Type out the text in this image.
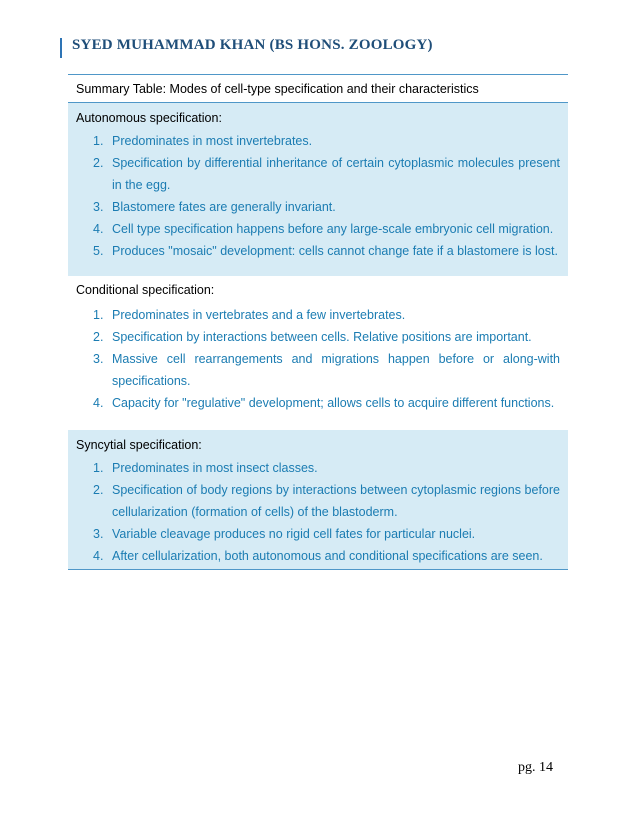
SYED MUHAMMAD KHAN (BS HONS. ZOOLOGY)
Summary Table: Modes of cell-type specification and their characteristics
Autonomous specification:
1. Predominates in most invertebrates.
2. Specification by differential inheritance of certain cytoplasmic molecules present in the egg.
3. Blastomere fates are generally invariant.
4. Cell type specification happens before any large-scale embryonic cell migration.
5. Produces "mosaic" development: cells cannot change fate if a blastomere is lost.
Conditional specification:
1. Predominates in vertebrates and a few invertebrates.
2. Specification by interactions between cells. Relative positions are important.
3. Massive cell rearrangements and migrations happen before or along-with specifications.
4. Capacity for "regulative" development; allows cells to acquire different functions.
Syncytial specification:
1. Predominates in most insect classes.
2. Specification of body regions by interactions between cytoplasmic regions before cellularization (formation of cells) of the blastoderm.
3. Variable cleavage produces no rigid cell fates for particular nuclei.
4. After cellularization, both autonomous and conditional specifications are seen.
pg. 14
